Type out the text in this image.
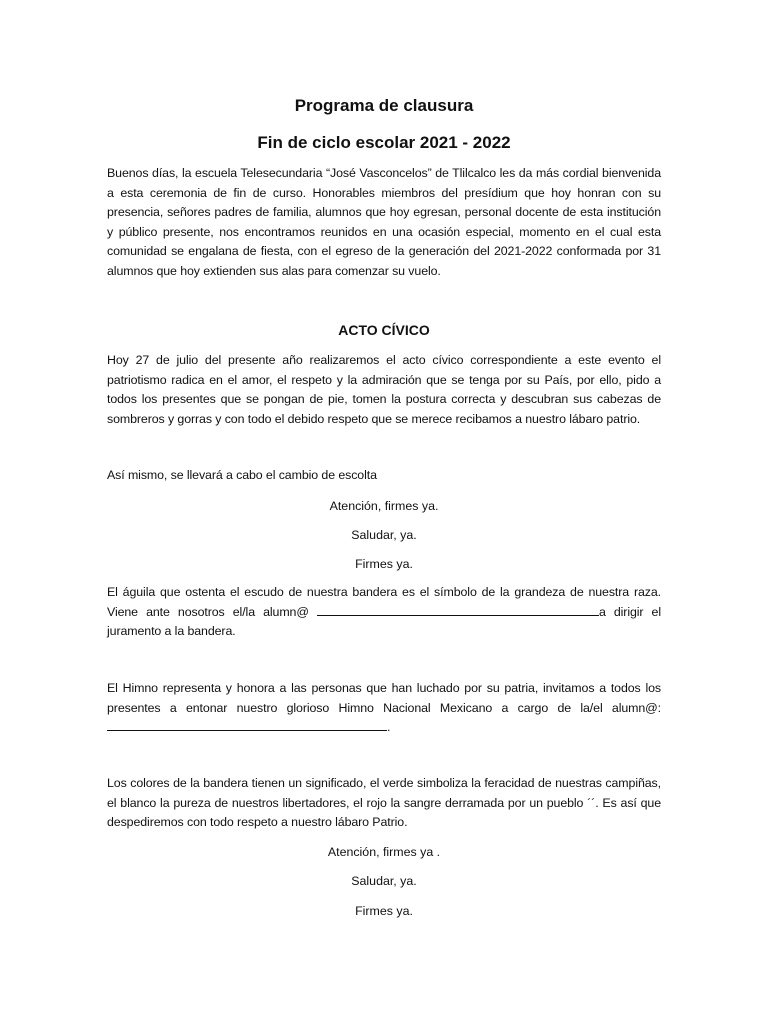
Programa de clausura
Fin de ciclo escolar 2021 - 2022

Buenos días, la escuela Telesecundaria “José Vasconcelos” de Tlilcalco les da más cordial bienvenida a esta ceremonia de fin de curso. Honorables miembros del presídium que hoy honran con su presencia, señores padres de familia, alumnos que hoy egresan, personal docente de esta institución y público presente, nos encontramos reunidos en una ocasión especial, momento en el cual esta comunidad se engalana de fiesta, con el egreso de la generación del 2021-2022 conformada por 31 alumnos que hoy extienden sus alas para comenzar su vuelo.

ACTO CÍVICO

Hoy 27 de julio del presente año realizaremos el acto cívico correspondiente a este evento el patriotismo radica en el amor, el respeto y la admiración que se tenga por su País, por ello, pido a todos los presentes que se pongan de pie, tomen la postura correcta y descubran sus cabezas de sombreros y gorras y con todo el debido respeto que se merece recibamos a nuestro lábaro patrio.

Así mismo, se llevará a cabo el cambio de escolta

Atención, firmes ya.

Saludar, ya.

Firmes ya.

El águila que ostenta el escudo de nuestra bandera es el símbolo de la grandeza de nuestra raza. Viene ante nosotros el/la alumn@	a dirigir el juramento a la bandera.

El Himno representa y honora a las personas que han luchado por su patria, invitamos a todos los presentes a entonar nuestro glorioso Himno Nacional Mexicano a cargo de la/el alumn@: .

Los colores de la bandera tienen un significado, el verde simboliza la feracidad de nuestras campiñas, el blanco la pureza de nuestros libertadores, el rojo la sangre derramada por un pueblo ´´. Es así que despediremos con todo respeto a nuestro lábaro Patrio.

Atención, firmes ya .

Saludar, ya.

Firmes ya.
